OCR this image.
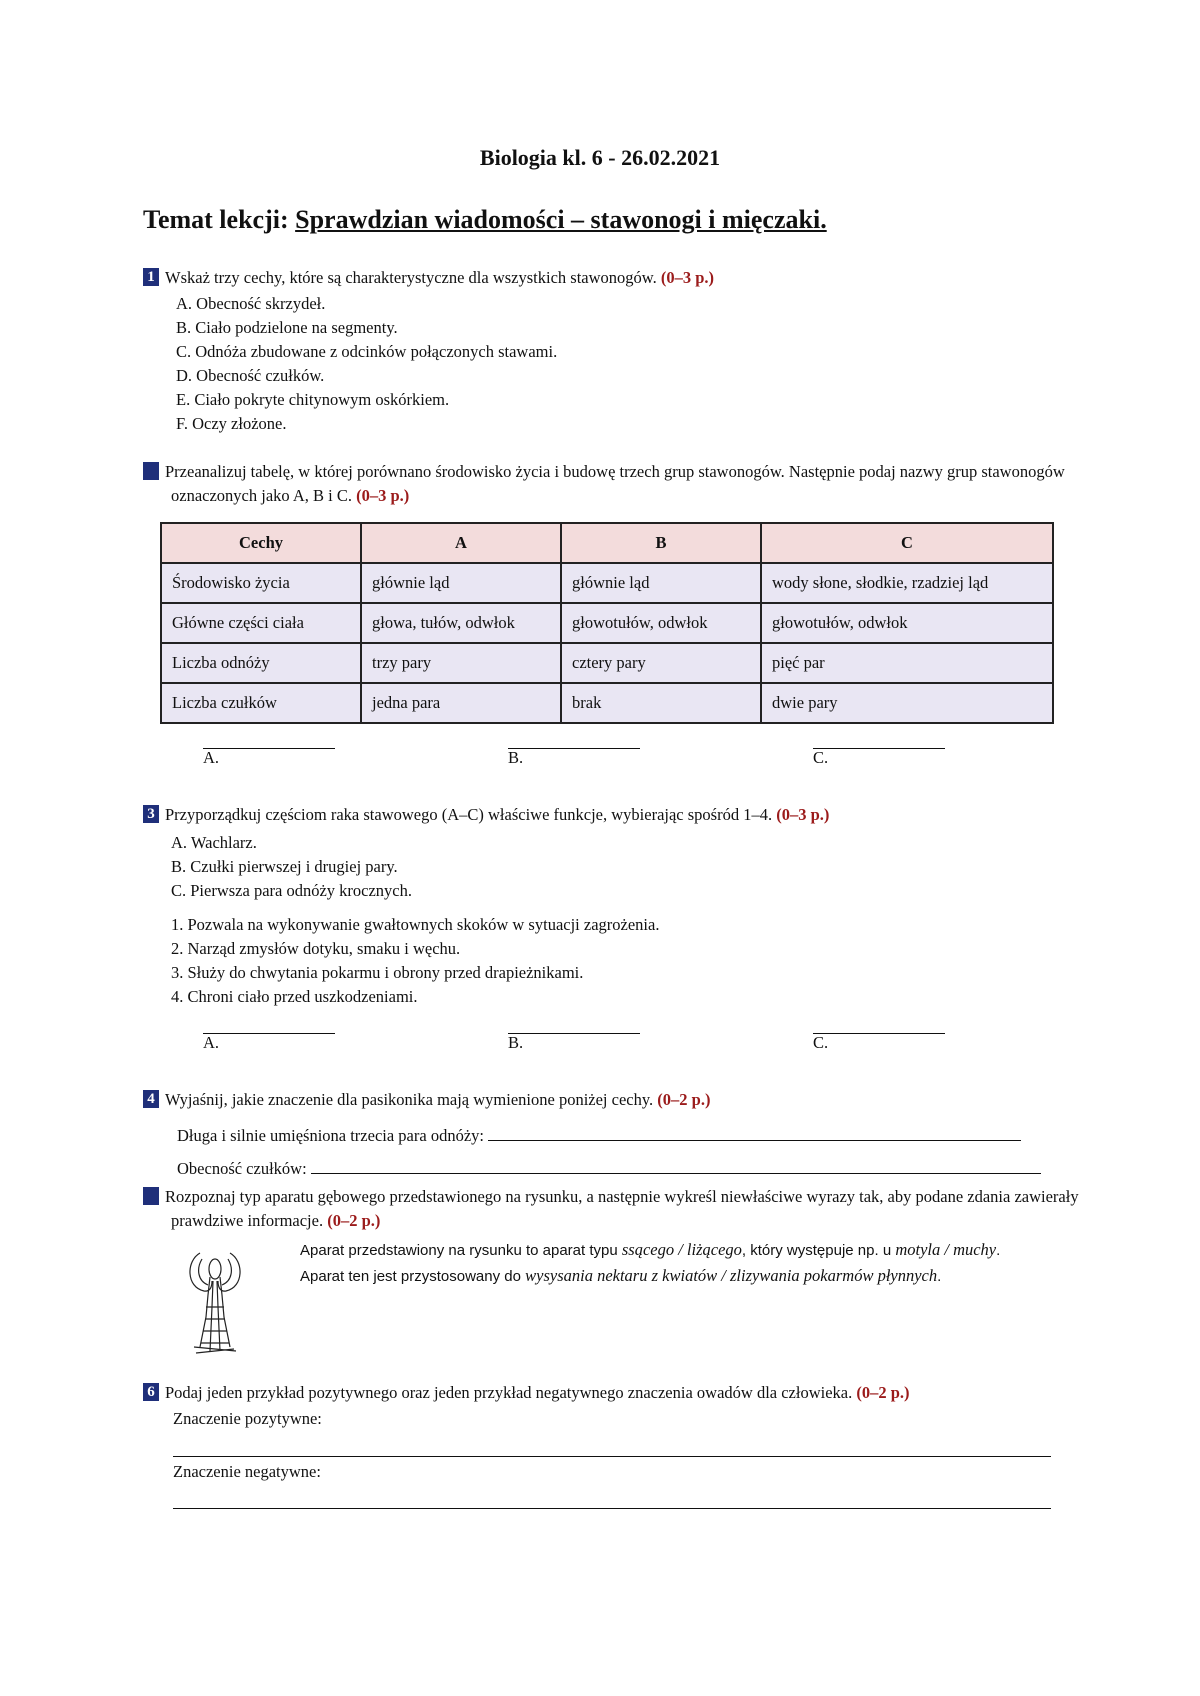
Biologia kl. 6 - 26.02.2021
Temat lekcji: Sprawdzian wiadomości – stawonogi i mięczaki.
1 Wskaż trzy cechy, które są charakterystyczne dla wszystkich stawonogów. (0–3 p.)
A. Obecność skrzydeł.
B. Ciało podzielone na segmenty.
C. Odnóża zbudowane z odcinków połączonych stawami.
D. Obecność czułków.
E. Ciało pokryte chitynowym oskórkiem.
F. Oczy złożone.
2 Przeanalizuj tabelę, w której porównano środowisko życia i budowę trzech grup stawonogów. Następnie podaj nazwy grup stawonogów oznaczonych jako A, B i C. (0–3 p.)
Cechy	A	B	C
Środowisko życia	głównie ląd	głównie ląd	wody słone, słodkie, rzadziej ląd
Główne części ciała	głowa, tułów, odwłok	głowotułów, odwłok	głowotułów, odwłok
Liczba odnóży	trzy pary	cztery pary	pięć par
Liczba czułków	jedna para	brak	dwie pary
A.	B.	C.
3 Przyporządkuj częściom raka stawowego (A–C) właściwe funkcje, wybierając spośród 1–4. (0–3 p.)
A. Wachlarz.
B. Czułki pierwszej i drugiej pary.
C. Pierwsza para odnóży krocznych.
1. Pozwala na wykonywanie gwałtownych skoków w sytuacji zagrożenia.
2. Narząd zmysłów dotyku, smaku i węchu.
3. Służy do chwytania pokarmu i obrony przed drapieżnikami.
4. Chroni ciało przed uszkodzeniami.
A.	B.	C.
4 Wyjaśnij, jakie znaczenie dla pasikonika mają wymienione poniżej cechy. (0–2 p.)
Długa i silnie umięśniona trzecia para odnóży:
Obecność czułków:
5 Rozpoznaj typ aparatu gębowego przedstawionego na rysunku, a następnie wykreśl niewłaściwe wyrazy tak, aby podane zdania zawierały prawdziwe informacje. (0–2 p.)
Aparat przedstawiony na rysunku to aparat typu ssącego / liżącego, który występuje np. u motyla / muchy. Aparat ten jest przystosowany do wysysania nektaru z kwiatów / zlizywania pokarmów płynnych.
6 Podaj jeden przykład pozytywnego oraz jeden przykład negatywnego znaczenia owadów dla człowieka. (0–2 p.)
Znaczenie pozytywne:
Znaczenie negatywne:
